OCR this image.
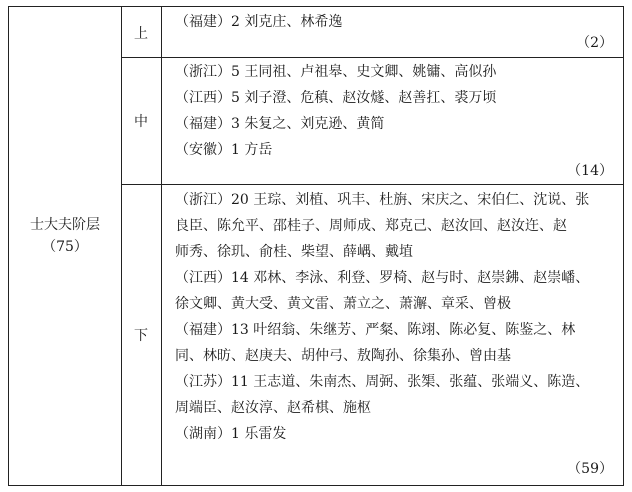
士大夫阶层
（75）
上
（福建）2 刘克庄、林希逸
（2）
中
（浙江）5 王同祖、卢祖皋、史文卿、姚镛、高似孙
（江西）5 刘子澄、危稹、赵汝燧、赵善扛、裘万顷
（福建）3 朱复之、刘克逊、黄简
（安徽）1 方岳
（14）
下
（浙江）20 王琮、刘植、巩丰、杜旃、宋庆之、宋伯仁、沈说、张
良臣、陈允平、邵桂子、周师成、郑克己、赵汝回、赵汝迕、赵
师秀、徐玑、俞桂、柴望、薛嵎、戴埴
（江西）14 邓林、李泳、利登、罗椅、赵与时、赵崇鉘、赵崇嶓、
徐文卿、黄大受、黄文雷、萧立之、萧澥、章采、曾极
（福建）13 叶绍翁、朱继芳、严粲、陈翊、陈必复、陈鉴之、林
同、林昉、赵庚夫、胡仲弓、敖陶孙、徐集孙、曾由基
（江苏）11 王志道、朱南杰、周弼、张榘、张蕴、张端义、陈造、
周端臣、赵汝淳、赵希棋、施枢
（湖南）1 乐雷发
（59）
